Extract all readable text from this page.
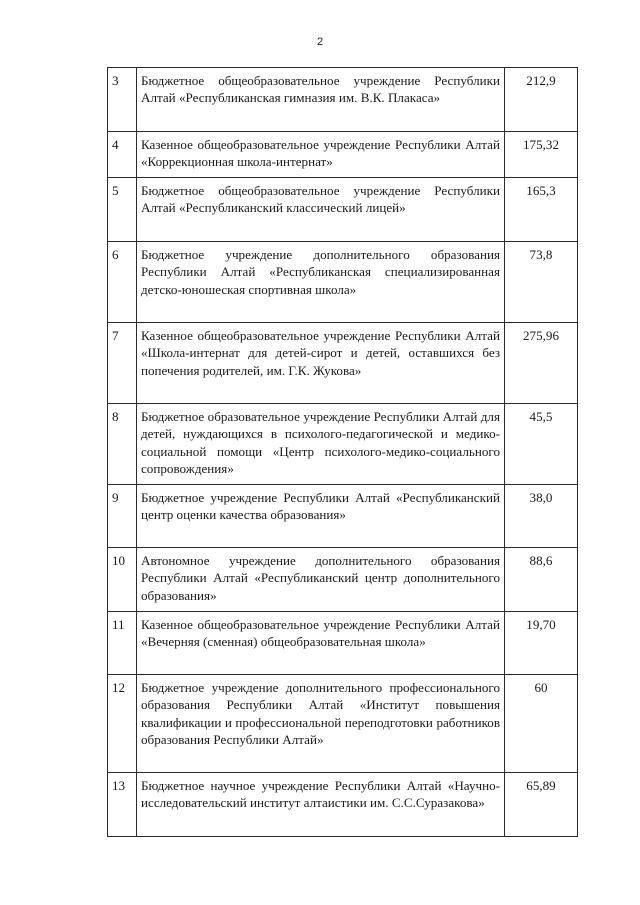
2
3	Бюджетное общеобразовательное учреждение Республики Алтай «Республиканская гимназия им. В.К. Плакаса»	212,9
4	Казенное общеобразовательное учреждение Республики Алтай «Коррекционная школа-интернат»	175,32
5	Бюджетное общеобразовательное учреждение Республики Алтай «Республиканский классический лицей»	165,3
6	Бюджетное учреждение дополнительного образования Республики Алтай «Республиканская специализированная детско-юношеская спортивная школа»	73,8
7	Казенное общеобразовательное учреждение Республики Алтай «Школа-интернат для детей-сирот и детей, оставшихся без попечения родителей, им. Г.К. Жукова»	275,96
8	Бюджетное образовательное учреждение Республики Алтай для детей, нуждающихся в психолого-педагогической и медико-социальной помощи «Центр психолого-медико-социального сопровождения»	45,5
9	Бюджетное учреждение Республики Алтай «Республиканский центр оценки качества образования»	38,0
10	Автономное учреждение дополнительного образования Республики Алтай «Республиканский центр дополнительного образования»	88,6
11	Казенное общеобразовательное учреждение Республики Алтай «Вечерняя (сменная) общеобразовательная школа»	19,70
12	Бюджетное учреждение дополнительного профессионального образования Республики Алтай «Институт повышения квалификации и профессиональной переподготовки работников образования Республики Алтай»	60
13	Бюджетное научное учреждение Республики Алтай «Научно-исследовательский институт алтаистики им. С.С.Суразакова»	65,89
